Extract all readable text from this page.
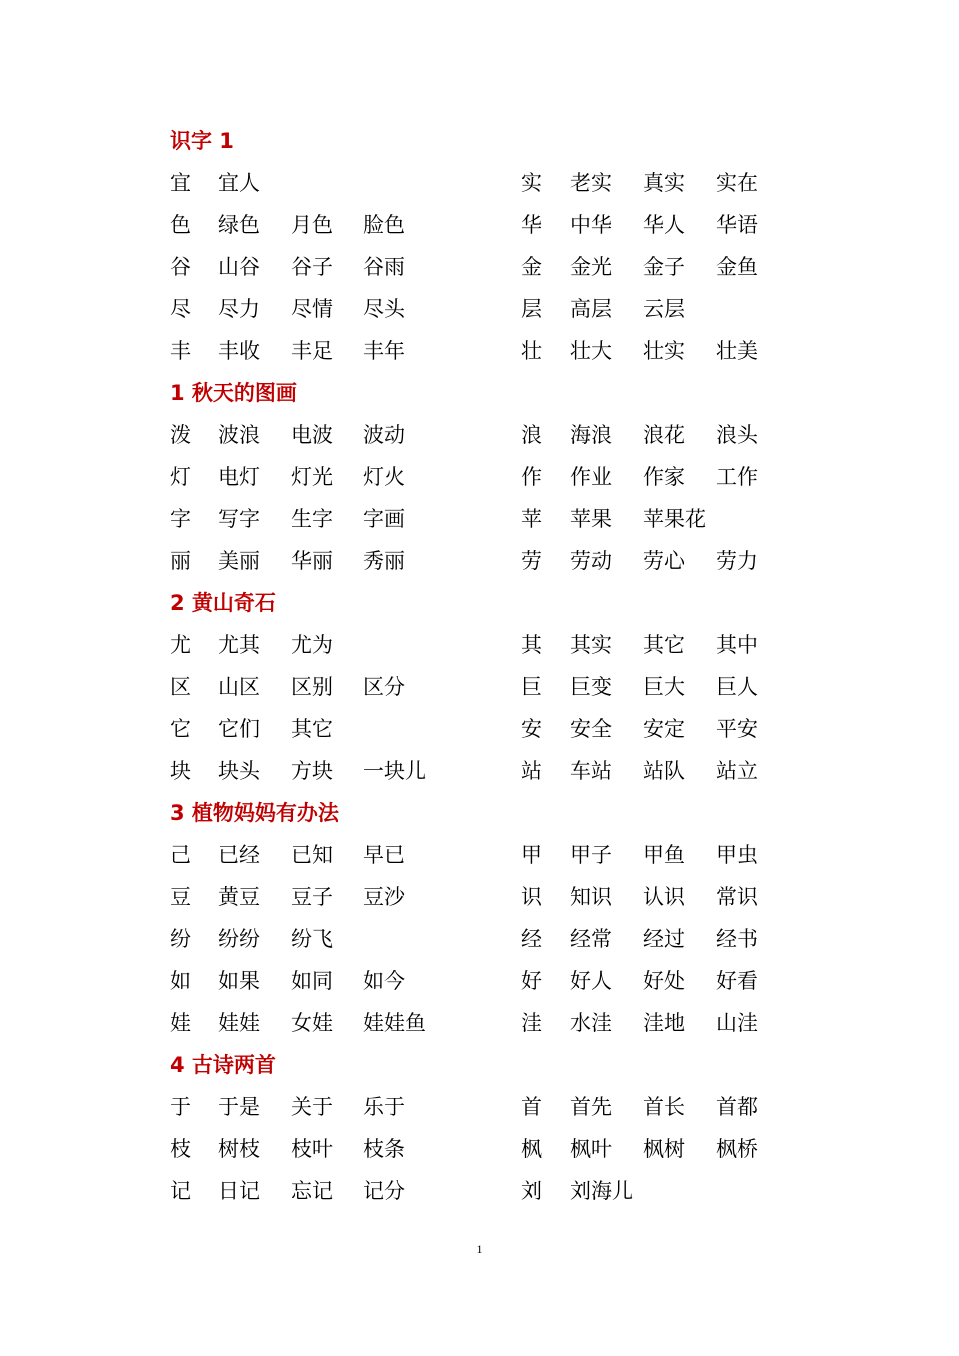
识字 1
宜 宜人	实 老实 真实 实在
色 绿色 月色 脸色	华 中华 华人 华语
谷 山谷 谷子 谷雨	金 金光 金子 金鱼
尽 尽力 尽情 尽头	层 高层 云层
丰 丰收 丰足 丰年	壮 壮大 壮实 壮美
1 秋天的图画
泼 波浪 电波 波动	浪 海浪 浪花 浪头
灯 电灯 灯光 灯火	作 作业 作家 工作
字 写字 生字 字画	苹 苹果 苹果花
丽 美丽 华丽 秀丽	劳 劳动 劳心 劳力
2 黄山奇石
尤 尤其 尤为	其 其实 其它 其中
区 山区 区别 区分	巨 巨变 巨大 巨人
它 它们 其它	安 安全 安定 平安
块 块头 方块 一块儿	站 车站 站队 站立
3 植物妈妈有办法
己 已经 已知 早已	甲 甲子 甲鱼 甲虫
豆 黄豆 豆子 豆沙	识 知识 认识 常识
纷 纷纷 纷飞	经 经常 经过 经书
如 如果 如同 如今	好 好人 好处 好看
娃 娃娃 女娃 娃娃鱼	洼 水洼 洼地 山洼
4 古诗两首
于 于是 关于 乐于	首 首先 首长 首都
枝 树枝 枝叶 枝条	枫 枫叶 枫树 枫桥
记 日记 忘记 记分	刘 刘海儿
1
